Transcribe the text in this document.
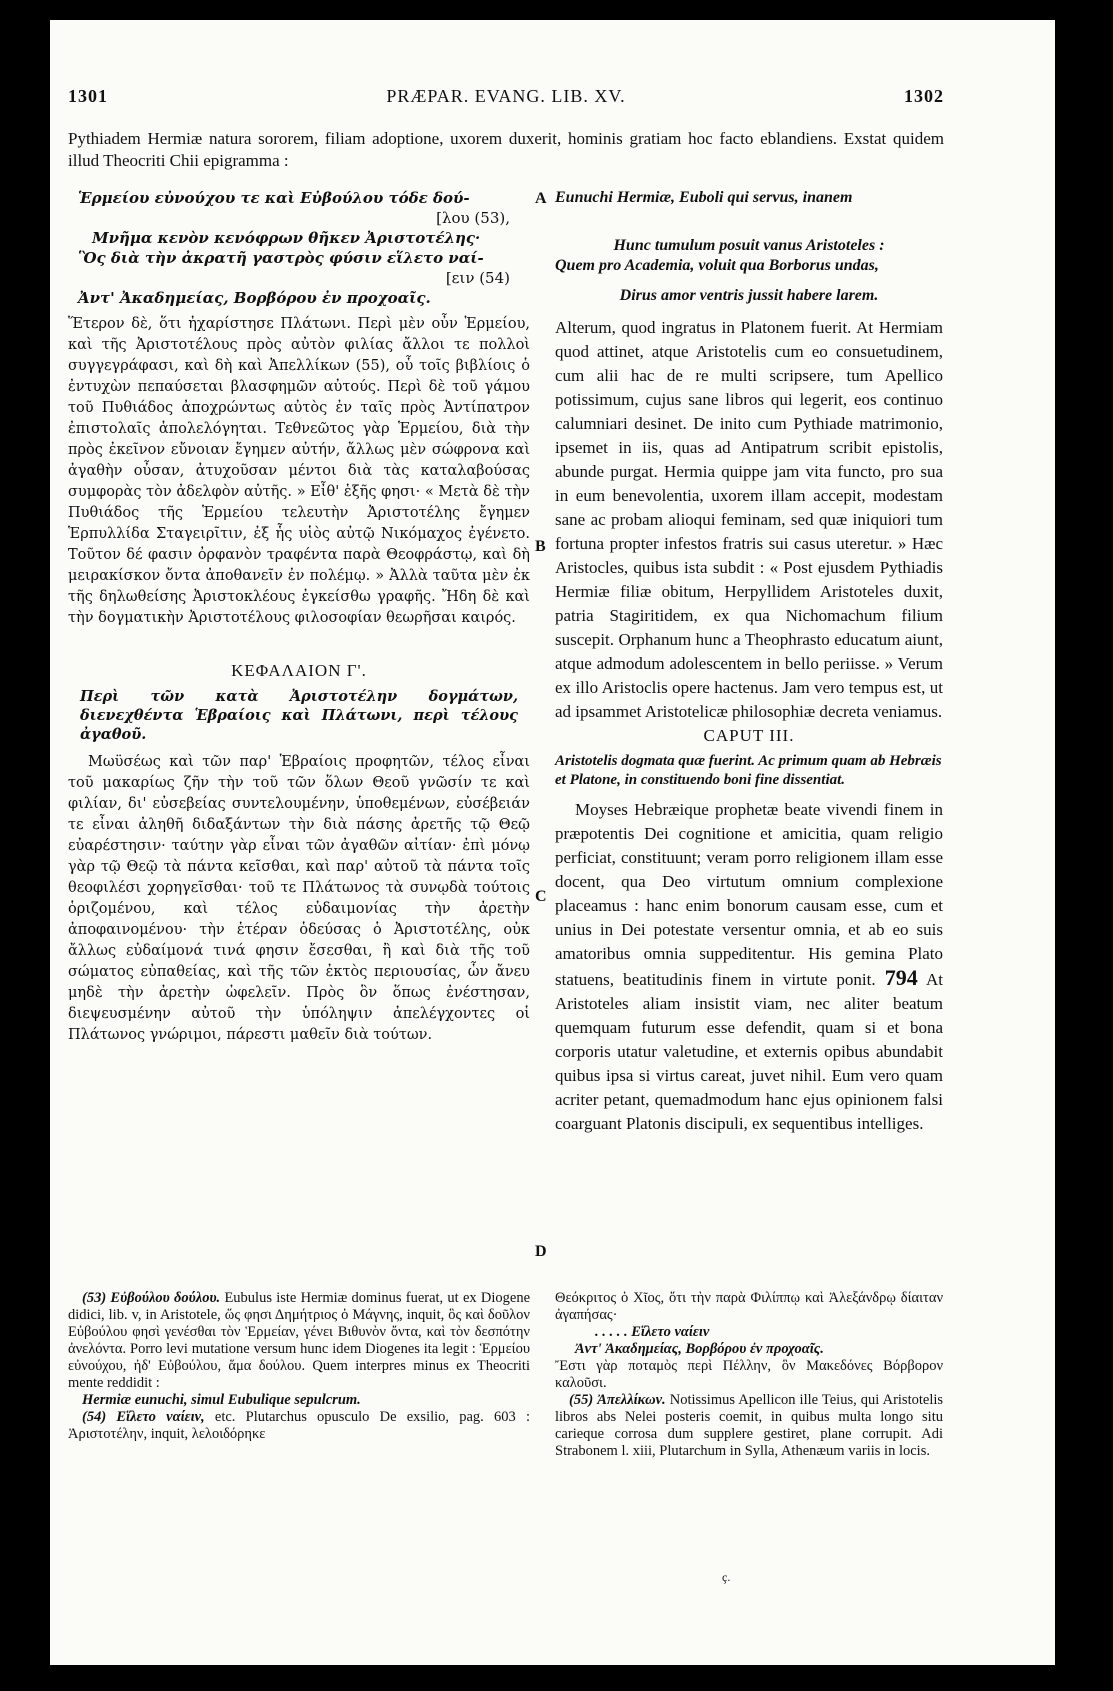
1301	PRÆPAR. EVANG. LIB. XV.	1302
Pythiadem Hermiæ natura sororem, filiam adoptione, uxorem duxerit, hominis gratiam hoc facto eblandiens. Exstat quidem illud Theocriti Chii epigramma :
Ἑρμείου εὐνούχου τε καὶ Εὐβούλου τόδε δού-
[λου (53),
Μνῆμα κενὸν κενόφρων θῆκεν Ἀριστοτέλης·
Ὃς διὰ τὴν ἀκρατῆ γαστρὸς φύσιν εἵλετο ναί-
[ειν (54)
Ἀντ' Ἀκαδημείας, Βορβόρου ἐν προχοαῖς.
Ἕτερον δὲ, ὅτι ἠχαρίστησε Πλάτωνι. Περὶ μὲν οὖν Ἑρμείου, καὶ τῆς Ἀριστοτέλους πρὸς αὐτὸν φιλίας ἄλλοι τε πολλοὶ συγγεγράφασι, καὶ δὴ καὶ Ἀπελλίκων (55), οὗ τοῖς βιβλίοις ὁ ἐντυχὼν πεπαύσεται βλασφημῶν αὐτούς. Περὶ δὲ τοῦ γάμου τοῦ Πυθιάδος ἀποχρώντως αὐτὸς ἐν ταῖς πρὸς Ἀντίπατρον ἐπιστολαῖς ἀπολελόγηται. Τεθνεῶτος γὰρ Ἑρμείου, διὰ τὴν πρὸς ἐκεῖνον εὔνοιαν ἔγημεν αὐτήν, ἄλλως μὲν σώφρονα καὶ ἀγαθὴν οὖσαν, ἀτυχοῦσαν μέντοι διὰ τὰς καταλαβούσας συμφορὰς τὸν ἀδελφὸν αὐτῆς. » Εἶθ' ἑξῆς φησι· « Μετὰ δὲ τὴν Πυθιάδος τῆς Ἑρμείου τελευτὴν Ἀριστοτέλης ἔγημεν Ἑρπυλλίδα Σταγειρῖτιν, ἐξ ἧς υἱὸς αὐτῷ Νικόμαχος ἐγένετο. Τοῦτον δέ φασιν ὀρφανὸν τραφέντα παρὰ Θεοφράστῳ, καὶ δὴ μειρακίσκον ὄντα ἀποθανεῖν ἐν πολέμῳ. » Ἀλλὰ ταῦτα μὲν ἐκ τῆς δηλωθείσης Ἀριστοκλέους ἐγκείσθω γραφῆς. Ἤδη δὲ καὶ τὴν δογματικὴν Ἀριστοτέλους φιλοσοφίαν θεωρῆσαι καιρός.
ΚΕΦΑΛΑΙΟΝ Γ'.
Περὶ τῶν κατὰ Ἀριστοτέλην δογμάτων, διενεχθέντα Ἑβραίοις καὶ Πλάτωνι, περὶ τέλους ἀγαθοῦ.
Μωϋσέως καὶ τῶν παρ' Ἑβραίοις προφητῶν, τέλος εἶναι τοῦ μακαρίως ζῆν τὴν τοῦ τῶν ὅλων Θεοῦ γνῶσίν τε καὶ φιλίαν, δι' εὐσεβείας συντελουμένην, ὑποθεμένων, εὐσέβειάν τε εἶναι ἀληθῆ διδαξάντων τὴν διὰ πάσης ἀρετῆς τῷ Θεῷ εὐαρέστησιν· ταύτην γὰρ εἶναι τῶν ἀγαθῶν αἰτίαν· ἐπὶ μόνῳ γὰρ τῷ Θεῷ τὰ πάντα κεῖσθαι, καὶ παρ' αὐτοῦ τὰ πάντα τοῖς θεοφιλέσι χορηγεῖσθαι· τοῦ τε Πλάτωνος τὰ συνῳδὰ τούτοις ὁριζομένου, καὶ τέλος εὐδαιμονίας τὴν ἀρετὴν ἀποφαινομένου· τὴν ἑτέραν ὁδεύσας ὁ Ἀριστοτέλης, οὐκ ἄλλως εὐδαίμονά τινά φησιν ἔσεσθαι, ἢ καὶ διὰ τῆς τοῦ σώματος εὐπαθείας, καὶ τῆς τῶν ἐκτὸς περιουσίας, ὧν ἄνευ μηδὲ τὴν ἀρετὴν ὠφελεῖν. Πρὸς ὃν ὅπως ἐνέστησαν, διεψευσμένην αὐτοῦ τὴν ὑπόληψιν ἀπελέγχοντες οἱ Πλάτωνος γνώριμοι, πάρεστι μαθεῖν διὰ τούτων.
Eunuchi Hermiæ, Euboli qui servus, inanem
Hunc tumulum posuit vanus Aristoteles :
Quem pro Academia, voluit qua Borborus undas,
Dirus amor ventris jussit habere larem.
Alterum, quod ingratus in Platonem fuerit. At Hermiam quod attinet, atque Aristotelis cum eo consuetudinem, cum alii hac de re multi scripsere, tum Apellico potissimum, cujus sane libros qui legerit, eos continuo calumniari desinet. De inito cum Pythiade matrimonio, ipsemet in iis, quas ad Antipatrum scribit epistolis, abunde purgat. Hermia quippe jam vita functo, pro sua in eum benevolentia, uxorem illam accepit, modestam sane ac probam alioqui feminam, sed quæ iniquiori tum fortuna propter infestos fratris sui casus uteretur. » Hæc Aristocles, quibus ista subdit : « Post ejusdem Pythiadis Hermiæ filiæ obitum, Herpyllidem Aristoteles duxit, patria Stagiritidem, ex qua Nichomachum filium suscepit. Orphanum hunc a Theophrasto educatum aiunt, atque admodum adolescentem in bello periisse. » Verum ex illo Aristoclis opere hactenus. Jam vero tempus est, ut ad ipsammet Aristotelicæ philosophiæ decreta veniamus.
CAPUT III.
Aristotelis dogmata quæ fuerint. Ac primum quam ab Hebræis et Platone, in constituendo boni fine dissentiat.
Moyses Hebræique prophetæ beate vivendi finem in præpotentis Dei cognitione et amicitia, quam religio perficiat, constituunt; veram porro religionem illam esse docent, qua Deo virtutum omnium complexione placeamus : hanc enim bonorum causam esse, cum et unius in Dei potestate versentur omnia, et ab eo suis amatoribus omnia suppeditentur. His gemina Plato statuens, beatitudinis finem in virtute ponit. 794 At Aristoteles aliam insistit viam, nec aliter beatum quemquam futurum esse defendit, quam si et bona corporis utatur valetudine, et externis opibus abundabit quibus ipsa si virtus careat, juvet nihil. Eum vero quam acriter petant, quemadmodum hanc ejus opinionem falsi coarguant Platonis discipuli, ex sequentibus intelliges.
A
B
C
D

(53) Εὐβούλου δούλου. Eubulus iste Hermiæ dominus fuerat, ut ex Diogene didici, lib. v, in Aristotele, ὥς φησι Δημήτριος ὁ Μάγνης, inquit, ὃς καὶ δοῦλον Εὐβούλου φησὶ γενέσθαι τὸν Ἑρμείαν, γένει Βιθυνὸν ὄντα, καὶ τὸν δεσπότην ἀνελόντα. Porro levi mutatione versum hunc idem Diogenes ita legit : Ἑρμείου εὐνούχου, ἠδ' Εὐβούλου, ἅμα δούλου. Quem interpres minus ex Theocriti mente reddidit :

Hermiæ eunuchi, simul Eubulique sepulcrum.

(54) Εἵλετο ναίειν, etc. Plutarchus opusculo De exsilio, pag. 603 : Ἀριστοτέλην, inquit, λελοιδόρηκε

Θεόκριτος ὁ Χῖος, ὅτι τὴν παρὰ Φιλίππῳ καὶ Ἀλεξάνδρῳ δίαιταν ἀγαπήσας·

. . . . . Εἵλετο ναίειν

Ἀντ' Ἀκαδημείας, Βορβόρου ἐν προχοαῖς.

Ἔστι γὰρ ποταμὸς περὶ Πέλλην, ὃν Μακεδόνες Βόρβορον καλοῦσι.

(55) Ἀπελλίκων. Notissimus Apellicon ille Teius, qui Aristotelis libros abs Nelei posteris coemit, in quibus multa longo situ carieque corrosa dum supplere gestiret, plane corrupit. Adi Strabonem l. xiii, Plutarchum in Sylla, Athenæum variis in locis.

ç.
